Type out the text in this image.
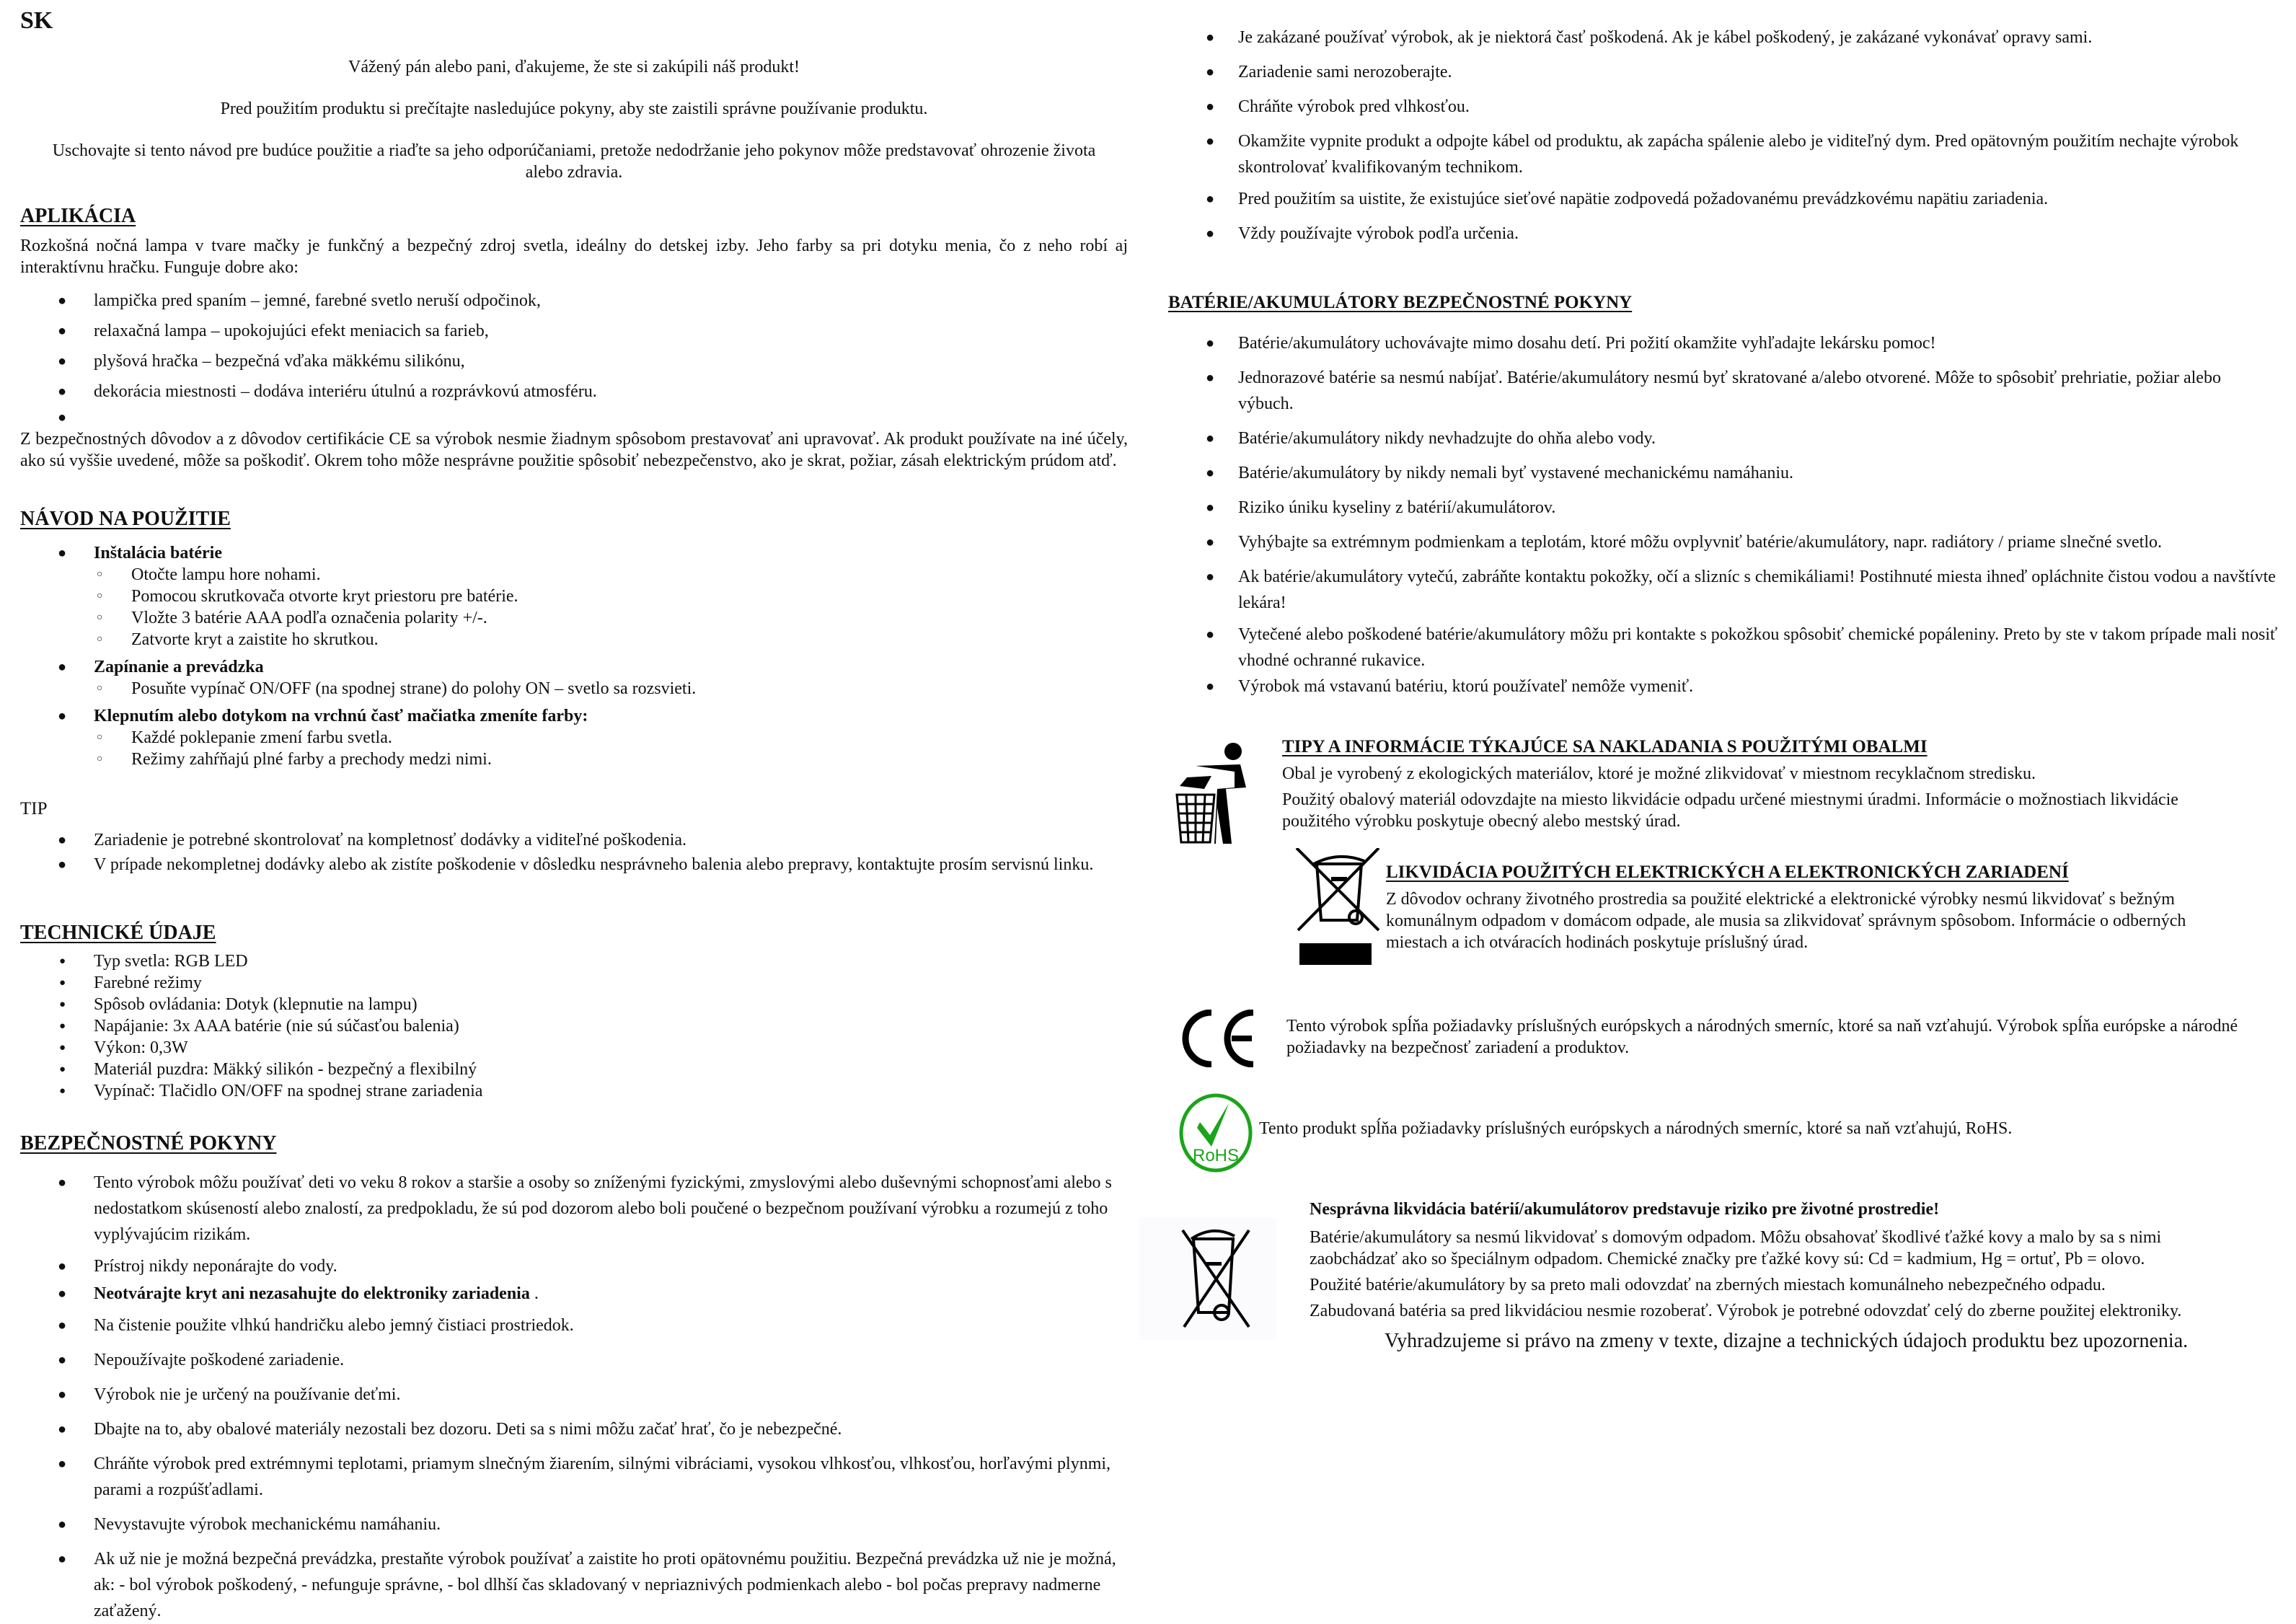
SK

Vážený pán alebo pani, ďakujeme, že ste si zakúpili náš produkt!

Pred použitím produktu si prečítajte nasledujúce pokyny, aby ste zaistili správne používanie produktu.

Uschovajte si tento návod pre budúce použitie a riaďte sa jeho odporúčaniami, pretože nedodržanie jeho pokynov môže predstavovať ohrozenie života alebo zdravia.

APLIKÁCIA

Rozkošná nočná lampa v tvare mačky je funkčný a bezpečný zdroj svetla, ideálny do detskej izby. Jeho farby sa pri dotyku menia, čo z neho robí aj interaktívnu hračku. Funguje dobre ako:

● lampička pred spaním – jemné, farebné svetlo neruší odpočinok,
● relaxačná lampa – upokojujúci efekt meniacich sa farieb,
● plyšová hračka – bezpečná vďaka mäkkému silikónu,
● dekorácia miestnosti – dodáva interiéru útulnú a rozprávkovú atmosféru.
●

Z bezpečnostných dôvodov a z dôvodov certifikácie CE sa výrobok nesmie žiadnym spôsobom prestavovať ani upravovať. Ak produkt používate na iné účely, ako sú vyššie uvedené, môže sa poškodiť. Okrem toho môže nesprávne použitie spôsobiť nebezpečenstvo, ako je skrat, požiar, zásah elektrickým prúdom atď.

NÁVOD NA POUŽITIE
● Inštalácia batérie
○ Otočte lampu hore nohami.
○ Pomocou skrutkovača otvorte kryt priestoru pre batérie.
○ Vložte 3 batérie AAA podľa označenia polarity +/-.
○ Zatvorte kryt a zaistite ho skrutkou.
● Zapínanie a prevádzka
○ Posuňte vypínač ON/OFF (na spodnej strane) do polohy ON – svetlo sa rozsvieti.
● Klepnutím alebo dotykom na vrchnú časť mačiatka zmeníte farby:
○ Každé poklepanie zmení farbu svetla.
○ Režimy zahŕňajú plné farby a prechody medzi nimi.
TIP
● Zariadenie je potrebné skontrolovať na kompletnosť dodávky a viditeľné poškodenia.
● V prípade nekompletnej dodávky alebo ak zistíte poškodenie v dôsledku nesprávneho balenia alebo prepravy, kontaktujte prosím servisnú linku.
TECHNICKÉ ÚDAJE
● Typ svetla: RGB LED
● Farebné režimy
● Spôsob ovládania: Dotyk (klepnutie na lampu)
● Napájanie: 3x AAA batérie (nie sú súčasťou balenia)
● Výkon: 0,3W
● Materiál puzdra: Mäkký silikón - bezpečný a flexibilný
● Vypínač: Tlačidlo ON/OFF na spodnej strane zariadenia
BEZPEČNOSTNÉ POKYNY
● Tento výrobok môžu používať deti vo veku 8 rokov a staršie a osoby so zníženými fyzickými, zmyslovými alebo duševnými schopnosťami alebo s nedostatkom skúseností alebo znalostí, za predpokladu, že sú pod dozorom alebo boli poučené o bezpečnom používaní výrobku a rozumejú z toho vyplývajúcim rizikám.
● Prístroj nikdy neponárajte do vody.
● Neotvárajte kryt ani nezasahujte do elektroniky zariadenia .
● Na čistenie použite vlhkú handričku alebo jemný čistiaci prostriedok.
● Nepoužívajte poškodené zariadenie.
● Výrobok nie je určený na používanie deťmi.
● Dbajte na to, aby obalové materiály nezostali bez dozoru. Deti sa s nimi môžu začať hrať, čo je nebezpečné.
● Chráňte výrobok pred extrémnymi teplotami, priamym slnečným žiarením, silnými vibráciami, vysokou vlhkosťou, vlhkosťou, horľavými plynmi, parami a rozpúšťadlami.
● Nevystavujte výrobok mechanickému namáhaniu.
● Ak už nie je možná bezpečná prevádzka, prestaňte výrobok používať a zaistite ho proti opätovnému použitiu. Bezpečná prevádzka už nie je možná, ak: - bol výrobok poškodený, - nefunguje správne, - bol dlhší čas skladovaný v nepriaznivých podmienkach alebo - bol počas prepravy nadmerne zaťažený.
● Je zakázané používať výrobok, ak je niektorá časť poškodená. Ak je kábel poškodený, je zakázané vykonávať opravy sami.
● Zariadenie sami nerozoberajte.
● Chráňte výrobok pred vlhkosťou.
● Okamžite vypnite produkt a odpojte kábel od produktu, ak zapácha spálenie alebo je viditeľný dym. Pred opätovným použitím nechajte výrobok skontrolovať kvalifikovaným technikom.
● Pred použitím sa uistite, že existujúce sieťové napätie zodpovedá požadovanému prevádzkovému napätiu zariadenia.
● Vždy používajte výrobok podľa určenia.
BATÉRIE/AKUMULÁTORY BEZPEČNOSTNÉ POKYNY
● Batérie/akumulátory uchovávajte mimo dosahu detí. Pri požití okamžite vyhľadajte lekársku pomoc!
● Jednorazové batérie sa nesmú nabíjať. Batérie/akumulátory nesmú byť skratované a/alebo otvorené. Môže to spôsobiť prehriatie, požiar alebo výbuch.
● Batérie/akumulátory nikdy nevhadzujte do ohňa alebo vody.
● Batérie/akumulátory by nikdy nemali byť vystavené mechanickému namáhaniu.
● Riziko úniku kyseliny z batérií/akumulátorov.
● Vyhýbajte sa extrémnym podmienkam a teplotám, ktoré môžu ovplyvniť batérie/akumulátory, napr. radiátory / priame slnečné svetlo.
● Ak batérie/akumulátory vytečú, zabráňte kontaktu pokožky, očí a slizníc s chemikáliami! Postihnuté miesta ihneď opláchnite čistou vodou a navštívte lekára!
● Vytečené alebo poškodené batérie/akumulátory môžu pri kontakte s pokožkou spôsobiť chemické popáleniny. Preto by ste v takom prípade mali nosiť vhodné ochranné rukavice.
● Výrobok má vstavanú batériu, ktorú používateľ nemôže vymeniť.
TIPY A INFORMÁCIE TÝKAJÚCE SA NAKLADANIA S POUŽITÝMI OBALMI

Obal je vyrobený z ekologických materiálov, ktoré je možné zlikvidovať v miestnom recyklačnom stredisku.

Použitý obalový materiál odovzdajte na miesto likvidácie odpadu určené miestnymi úradmi. Informácie o možnostiach likvidácie použitého výrobku poskytuje obecný alebo mestský úrad.

LIKVIDÁCIA POUŽITÝCH ELEKTRICKÝCH A ELEKTRONICKÝCH ZARIADENÍ

Z dôvodov ochrany životného prostredia sa použité elektrické a elektronické výrobky nesmú likvidovať s bežným komunálnym odpadom v domácom odpade, ale musia sa zlikvidovať správnym spôsobom. Informácie o odberných miestach a ich otváracích hodinách poskytuje príslušný úrad.

Tento výrobok spĺňa požiadavky príslušných európskych a národných smerníc, ktoré sa naň vzťahujú. Výrobok spĺňa európske a národné požiadavky na bezpečnosť zariadení a produktov.

RoHS

Tento produkt spĺňa požiadavky príslušných európskych a národných smerníc, ktoré sa naň vzťahujú, RoHS.

Nesprávna likvidácia batérií/akumulátorov predstavuje riziko pre životné prostredie!

Batérie/akumulátory sa nesmú likvidovať s domovým odpadom. Môžu obsahovať škodlivé ťažké kovy a malo by sa s nimi zaobchádzať ako so špeciálnym odpadom. Chemické značky pre ťažké kovy sú: Cd = kadmium, Hg = ortuť, Pb = olovo.

Použité batérie/akumulátory by sa preto mali odovzdať na zberných miestach komunálneho nebezpečného odpadu.

Zabudovaná batéria sa pred likvidáciou nesmie rozoberať. Výrobok je potrebné odovzdať celý do zberne použitej elektroniky.

Vyhradzujeme si právo na zmeny v texte, dizajne a technických údajoch produktu bez upozornenia.
